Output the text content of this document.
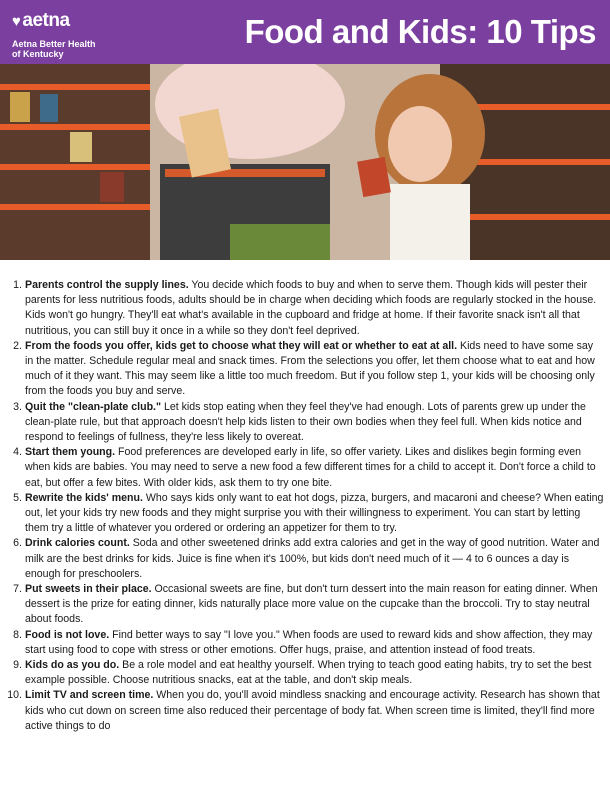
♥ aetna
Aetna Better Health
of Kentucky
Food and Kids: 10 Tips
1. Parents control the supply lines. You decide which foods to buy and when to serve them. Though kids will pester their parents for less nutritious foods, adults should be in charge when deciding which foods are regularly stocked in the house. Kids won't go hungry. They'll eat what's available in the cupboard and fridge at home. If their favorite snack isn't all that nutritious, you can still buy it once in a while so they don't feel deprived.
2. From the foods you offer, kids get to choose what they will eat or whether to eat at all. Kids need to have some say in the matter. Schedule regular meal and snack times. From the selections you offer, let them choose what to eat and how much of it they want. This may seem like a little too much freedom. But if you follow step 1, your kids will be choosing only from the foods you buy and serve.
3. Quit the "clean-plate club." Let kids stop eating when they feel they've had enough. Lots of parents grew up under the clean-plate rule, but that approach doesn't help kids listen to their own bodies when they feel full. When kids notice and respond to feelings of fullness, they're less likely to overeat.
4. Start them young. Food preferences are developed early in life, so offer variety. Likes and dislikes begin forming even when kids are babies. You may need to serve a new food a few different times for a child to accept it. Don't force a child to eat, but offer a few bites. With older kids, ask them to try one bite.
5. Rewrite the kids' menu. Who says kids only want to eat hot dogs, pizza, burgers, and macaroni and cheese? When eating out, let your kids try new foods and they might surprise you with their willingness to experiment. You can start by letting them try a little of whatever you ordered or ordering an appetizer for them to try.
6. Drink calories count. Soda and other sweetened drinks add extra calories and get in the way of good nutrition. Water and milk are the best drinks for kids. Juice is fine when it's 100%, but kids don't need much of it — 4 to 6 ounces a day is enough for preschoolers.
7. Put sweets in their place. Occasional sweets are fine, but don't turn dessert into the main reason for eating dinner. When dessert is the prize for eating dinner, kids naturally place more value on the cupcake than the broccoli. Try to stay neutral about foods.
8. Food is not love. Find better ways to say "I love you." When foods are used to reward kids and show affection, they may start using food to cope with stress or other emotions. Offer hugs, praise, and attention instead of food treats.
9. Kids do as you do. Be a role model and eat healthy yourself. When trying to teach good eating habits, try to set the best example possible. Choose nutritious snacks, eat at the table, and don't skip meals.
10. Limit TV and screen time. When you do, you'll avoid mindless snacking and encourage activity. Research has shown that kids who cut down on screen time also reduced their percentage of body fat. When screen time is limited, they'll find more active things to do
